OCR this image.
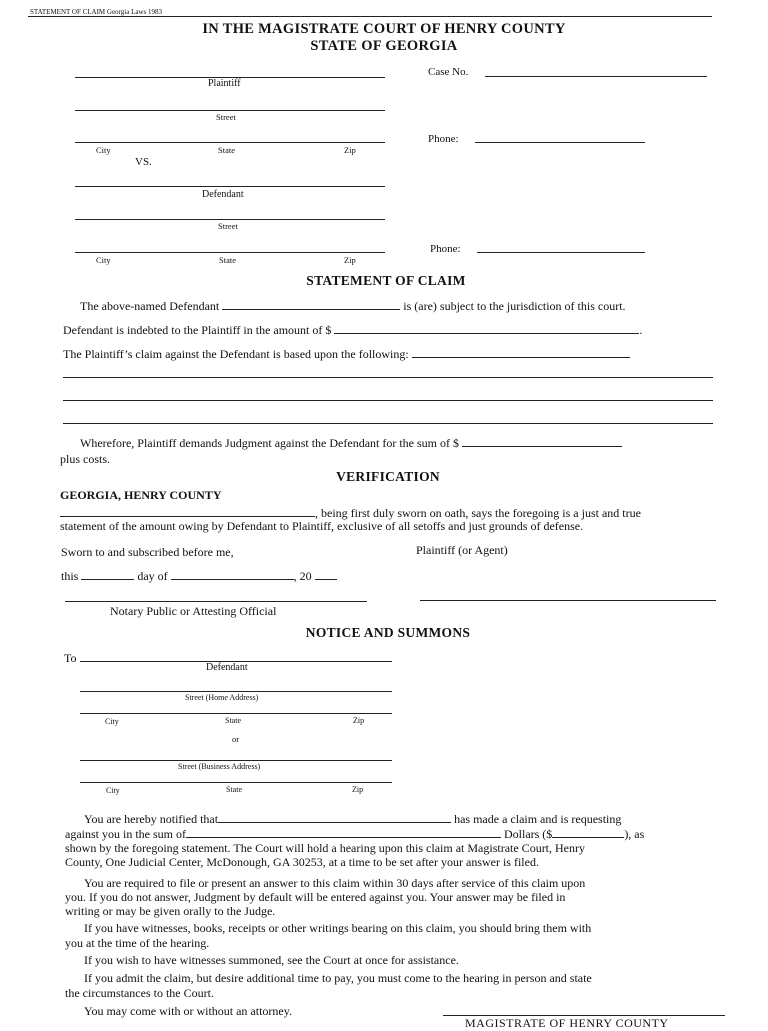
STATEMENT OF CLAIM Georgia Laws 1983
IN THE MAGISTRATE COURT OF HENRY COUNTY
STATE OF GEORGIA
Plaintiff
Street
City	State	Zip
VS.
Case No.
Phone:
Defendant
Street
City	State	Zip
Phone:
STATEMENT OF CLAIM
The above-named Defendant	is (are) subject to the jurisdiction of this court.
Defendant is indebted to the Plaintiff in the amount of $	.
The Plaintiff’s claim against the Defendant is based upon the following:
Wherefore, Plaintiff demands Judgment against the Defendant for the sum of $
plus costs.
VERIFICATION
GEORGIA, HENRY COUNTY
, being first duly sworn on oath, says the foregoing is a just and true
statement of the amount owing by Defendant to Plaintiff, exclusive of all setoffs and just grounds of defense.
Sworn to and subscribed before me,	Plaintiff (or Agent)
this	day of	, 20
Notary Public or Attesting Official
NOTICE AND SUMMONS
To
Defendant
Street (Home Address)
City	State	Zip
or
Street (Business Address)
City	State	Zip
You are hereby notified that	has made a claim and is requesting
against you in the sum of	Dollars ($	), as
shown by the foregoing statement. The Court will hold a hearing upon this claim at Magistrate Court, Henry
County, One Judicial Center, McDonough, GA 30253, at a time to be set after your answer is filed.
You are required to file or present an answer to this claim within 30 days after service of this claim upon
you. If you do not answer, Judgment by default will be entered against you. Your answer may be filed in
writing or may be given orally to the Judge.
If you have witnesses, books, receipts or other writings bearing on this claim, you should bring them with
you at the time of the hearing.
If you wish to have witnesses summoned, see the Court at once for assistance.
If you admit the claim, but desire additional time to pay, you must come to the hearing in person and state
the circumstances to the Court.
You may come with or without an attorney.
MAGISTRATE OF HENRY COUNTY
